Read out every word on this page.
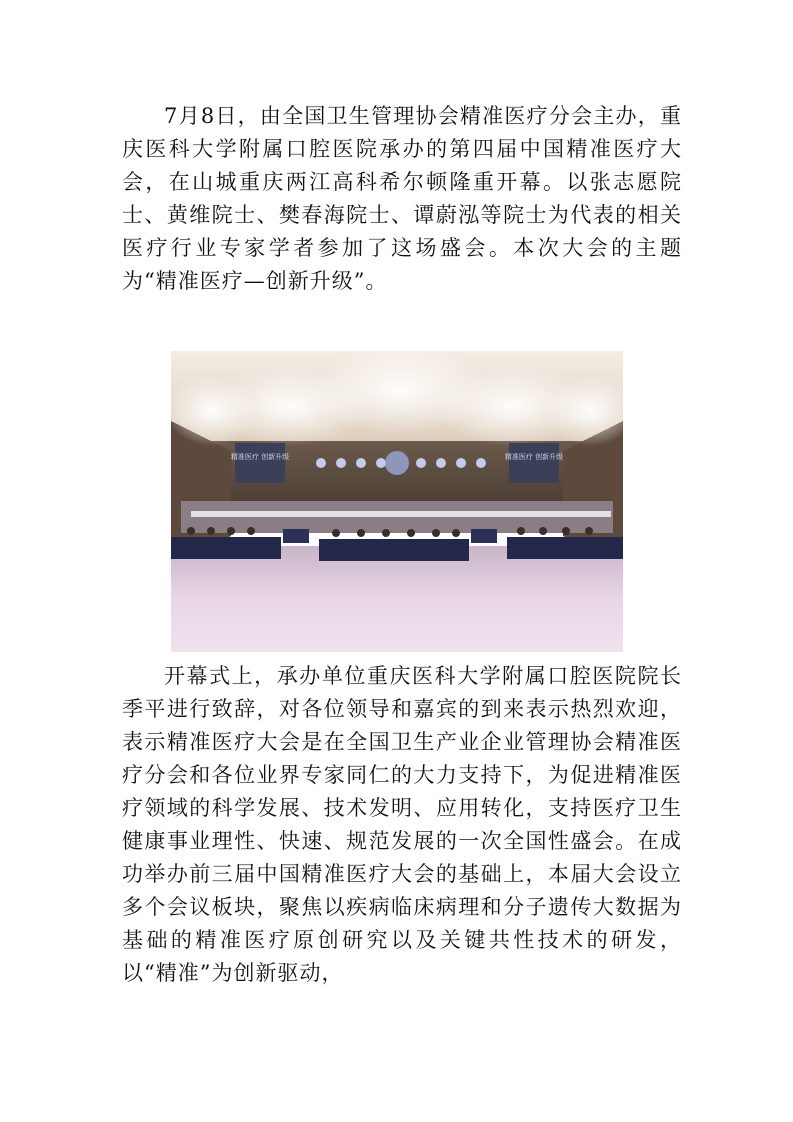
7月8日，由全国卫生管理协会精准医疗分会主办，重庆医科大学附属口腔医院承办的第四届中国精准医疗大会，在山城重庆两江高科希尔顿隆重开幕。以张志愿院士、黄维院士、樊春海院士、谭蔚泓等院士为代表的相关医疗行业专家学者参加了这场盛会。本次大会的主题为“精准医疗—创新升级”。

精准医疗 创新升级	精准医疗 创新升级

开幕式上，承办单位重庆医科大学附属口腔医院院长季平进行致辞，对各位领导和嘉宾的到来表示热烈欢迎，表示精准医疗大会是在全国卫生产业企业管理协会精准医疗分会和各位业界专家同仁的大力支持下，为促进精准医疗领域的科学发展、技术发明、应用转化，支持医疗卫生健康事业理性、快速、规范发展的一次全国性盛会。在成功举办前三届中国精准医疗大会的基础上，本届大会设立多个会议板块，聚焦以疾病临床病理和分子遗传大数据为基础的精准医疗原创研究以及关键共性技术的研发，以“精准”为创新驱动，
